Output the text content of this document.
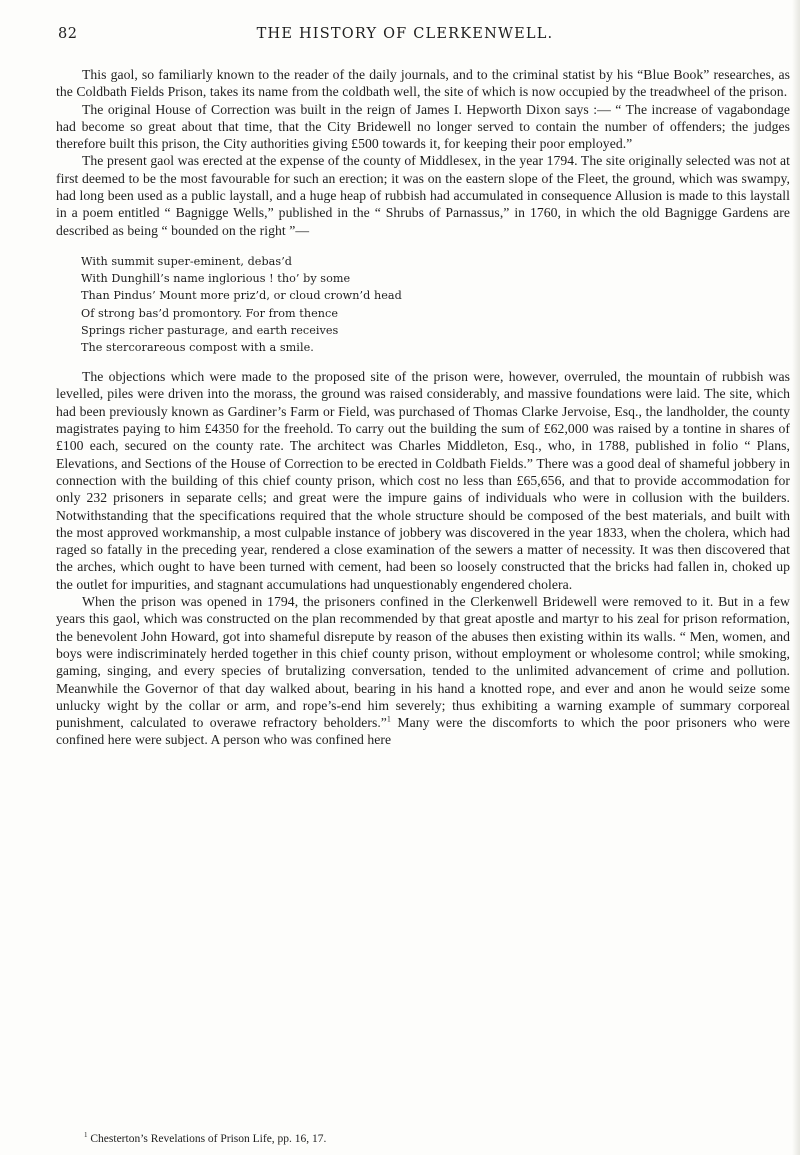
82	THE HISTORY OF CLERKENWELL.

This gaol, so familiarly known to the reader of the daily journals, and to the criminal statist by his “Blue Book” researches, as the Coldbath Fields Prison, takes its name from the coldbath well, the site of which is now occupied by the treadwheel of the prison.

The original House of Correction was built in the reign of James I. Hepworth Dixon says :— “ The increase of vagabondage had become so great about that time, that the City Bridewell no longer served to contain the number of offenders; the judges therefore built this prison, the City authorities giving £500 towards it, for keeping their poor employed.”

The present gaol was erected at the expense of the county of Middlesex, in the year 1794. The site originally selected was not at first deemed to be the most favourable for such an erection; it was on the eastern slope of the Fleet, the ground, which was swampy, had long been used as a public laystall, and a huge heap of rubbish had accumulated in consequence Allusion is made to this laystall in a poem entitled “ Bagnigge Wells,” published in the “ Shrubs of Parnassus,” in 1760, in which the old Bagnigge Gardens are described as being “ bounded on the right ”—

With summit super-eminent, debas’d
With Dunghill’s name inglorious ! tho’ by some
Than Pindus’ Mount more priz’d, or cloud crown’d head
Of strong bas’d promontory. For from thence
Springs richer pasturage, and earth receives
The stercorareous compost with a smile.

The objections which were made to the proposed site of the prison were, however, overruled, the mountain of rubbish was levelled, piles were driven into the morass, the ground was raised considerably, and massive foundations were laid. The site, which had been previously known as Gardiner’s Farm or Field, was purchased of Thomas Clarke Jervoise, Esq., the landholder, the county magistrates paying to him £4350 for the freehold. To carry out the building the sum of £62,000 was raised by a tontine in shares of £100 each, secured on the county rate. The architect was Charles Middleton, Esq., who, in 1788, published in folio “ Plans, Elevations, and Sections of the House of Correction to be erected in Coldbath Fields.” There was a good deal of shameful jobbery in connection with the building of this chief county prison, which cost no less than £65,656, and that to provide accommodation for only 232 prisoners in separate cells; and great were the impure gains of individuals who were in collusion with the builders. Notwithstanding that the specifications required that the whole structure should be composed of the best materials, and built with the most approved workmanship, a most culpable instance of jobbery was discovered in the year 1833, when the cholera, which had raged so fatally in the preceding year, rendered a close examination of the sewers a matter of necessity. It was then discovered that the arches, which ought to have been turned with cement, had been so loosely constructed that the bricks had fallen in, choked up the outlet for impurities, and stagnant accumulations had unquestionably engendered cholera.

When the prison was opened in 1794, the prisoners confined in the Clerkenwell Bridewell were removed to it. But in a few years this gaol, which was constructed on the plan recommended by that great apostle and martyr to his zeal for prison reformation, the benevolent John Howard, got into shameful disrepute by reason of the abuses then existing within its walls. “ Men, women, and boys were indiscriminately herded together in this chief county prison, without employment or wholesome control; while smoking, gaming, singing, and every species of brutalizing conversation, tended to the unlimited advancement of crime and pollution. Meanwhile the Governor of that day walked about, bearing in his hand a knotted rope, and ever and anon he would seize some unlucky wight by the collar or arm, and rope’s-end him severely; thus exhibiting a warning example of summary corporeal punishment, calculated to overawe refractory beholders.”$^1$ Many were the discomforts to which the poor prisoners who were confined here were subject. A person who was confined here

$^1$ Chesterton’s Revelations of Prison Life, pp. 16, 17.
